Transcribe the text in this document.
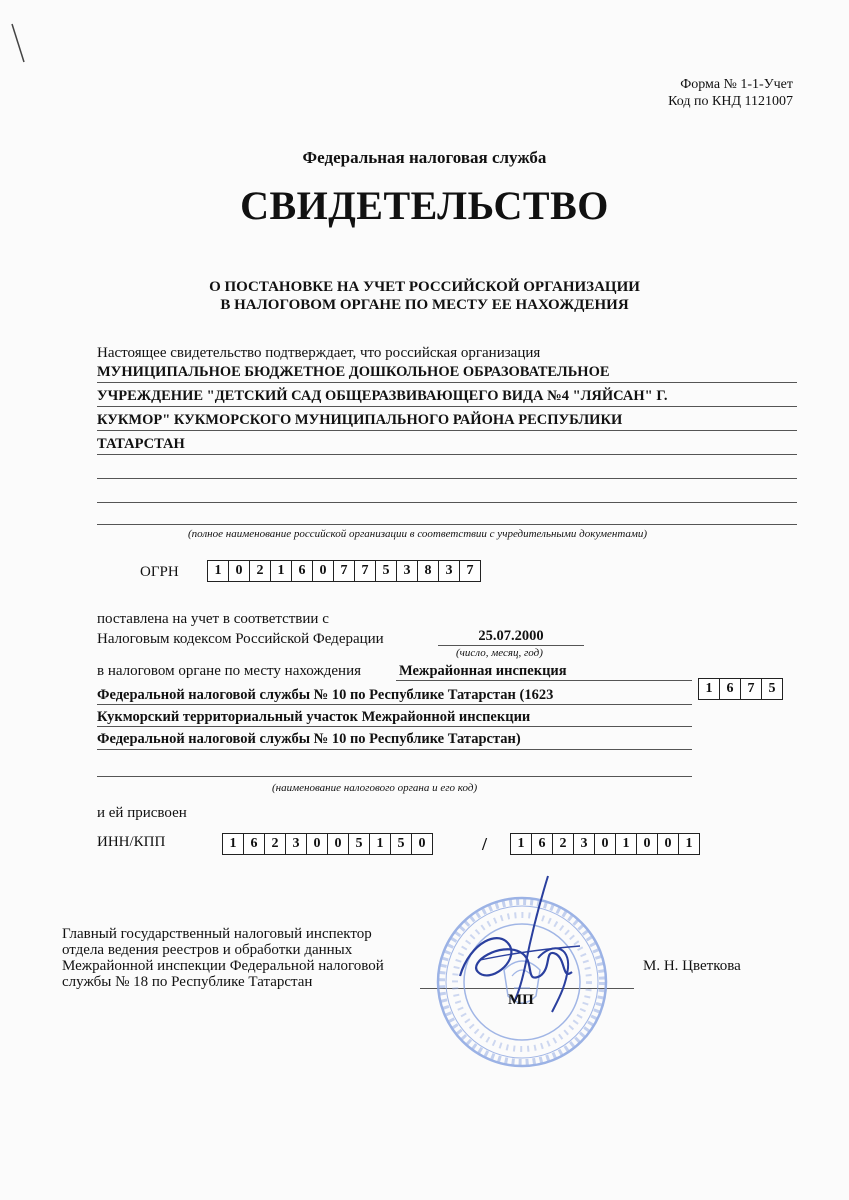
Форма № 1-1-Учет
Код по КНД 1121007
Федеральная налоговая служба
СВИДЕТЕЛЬСТВО
О ПОСТАНОВКЕ НА УЧЕТ РОССИЙСКОЙ ОРГАНИЗАЦИИ
В НАЛОГОВОМ ОРГАНЕ ПО МЕСТУ ЕЕ НАХОЖДЕНИЯ
Настоящее свидетельство подтверждает, что российская организация
МУНИЦИПАЛЬНОЕ БЮДЖЕТНОЕ ДОШКОЛЬНОЕ ОБРАЗОВАТЕЛЬНОЕ
УЧРЕЖДЕНИЕ "ДЕТСКИЙ САД ОБЩЕРАЗВИВАЮЩЕГО ВИДА №4 "ЛЯЙСАН" Г.
КУКМОР" КУКМОРСКОГО МУНИЦИПАЛЬНОГО РАЙОНА РЕСПУБЛИКИ
ТАТАРСТАН
(полное наименование российской организации в соответствии с учредительными документами)
ОГРН	1	0	2	1	6	0	7	7	5	3	8	3	7
поставлена на учет в соответствии с
Налоговым кодексом Российской Федерации	25.07.2000
(число, месяц, год)
в налоговом органе по месту нахождения	Межрайонная инспекция
Федеральной налоговой службы № 10 по Республике Татарстан (1623
Кукморский территориальный участок Межрайонной инспекции
Федеральной налоговой службы № 10 по Республике Татарстан)
1	6	7	5
(наименование налогового органа и его код)
и ей присвоен
ИНН/КПП	1	6	2	3	0	0	5	1	5	0	/	1	6	2	3	0	1	0	0	1
Главный государственный налоговый инспектор
отдела ведения реестров и обработки данных
Межрайонной инспекции Федеральной налоговой
службы № 18 по Республике Татарстан
М. Н. Цветкова
МП
